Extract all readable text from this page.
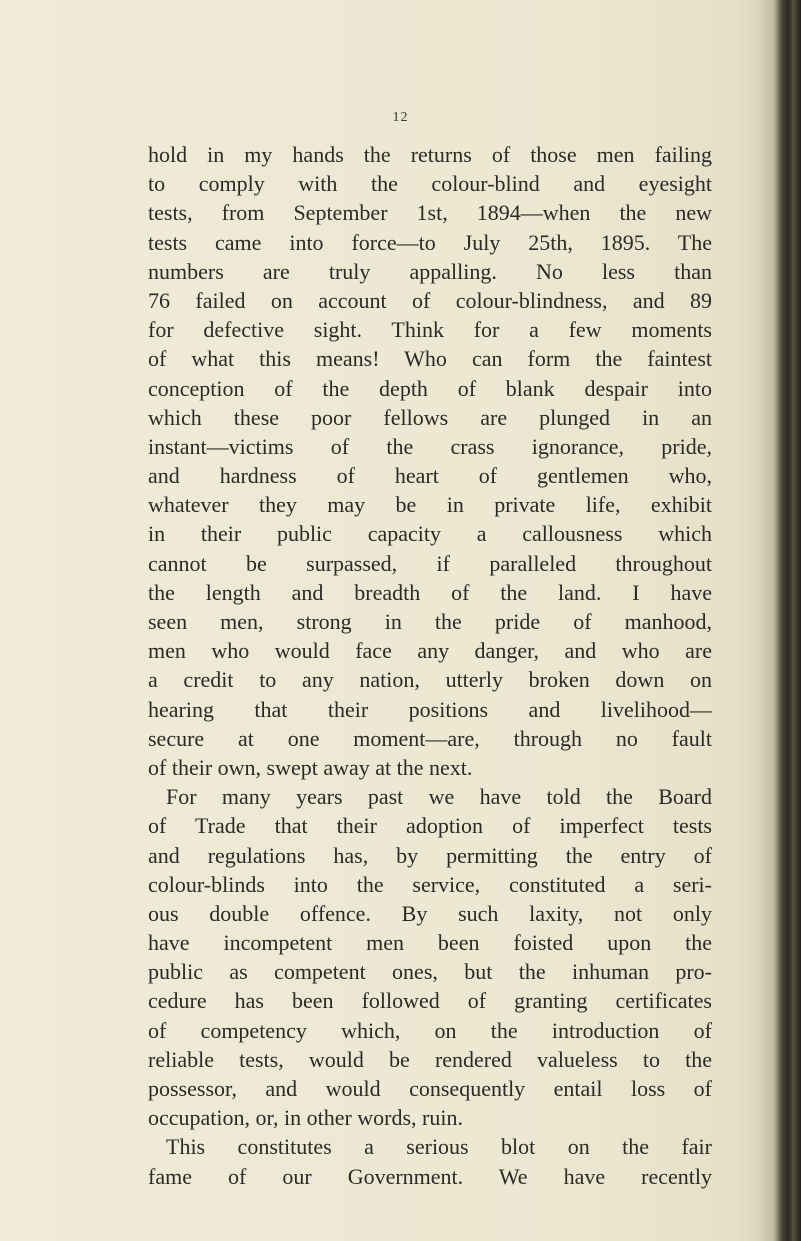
12
hold in my hands the returns of those men failing
to comply with the colour-blind and eyesight
tests, from September 1st, 1894—when the new
tests came into force—to July 25th, 1895. The
numbers are truly appalling. No less than
76 failed on account of colour-blindness, and 89
for defective sight. Think for a few moments
of what this means! Who can form the faintest
conception of the depth of blank despair into
which these poor fellows are plunged in an
instant—victims of the crass ignorance, pride,
and hardness of heart of gentlemen who,
whatever they may be in private life, exhibit
in their public capacity a callousness which
cannot be surpassed, if paralleled throughout
the length and breadth of the land. I have
seen men, strong in the pride of manhood,
men who would face any danger, and who are
a credit to any nation, utterly broken down on
hearing that their positions and livelihood—
secure at one moment—are, through no fault
of their own, swept away at the next.
For many years past we have told the Board
of Trade that their adoption of imperfect tests
and regulations has, by permitting the entry of
colour-blinds into the service, constituted a seri-
ous double offence. By such laxity, not only
have incompetent men been foisted upon the
public as competent ones, but the inhuman pro-
cedure has been followed of granting certificates
of competency which, on the introduction of
reliable tests, would be rendered valueless to the
possessor, and would consequently entail loss of
occupation, or, in other words, ruin.
This constitutes a serious blot on the fair
fame of our Government. We have recently
